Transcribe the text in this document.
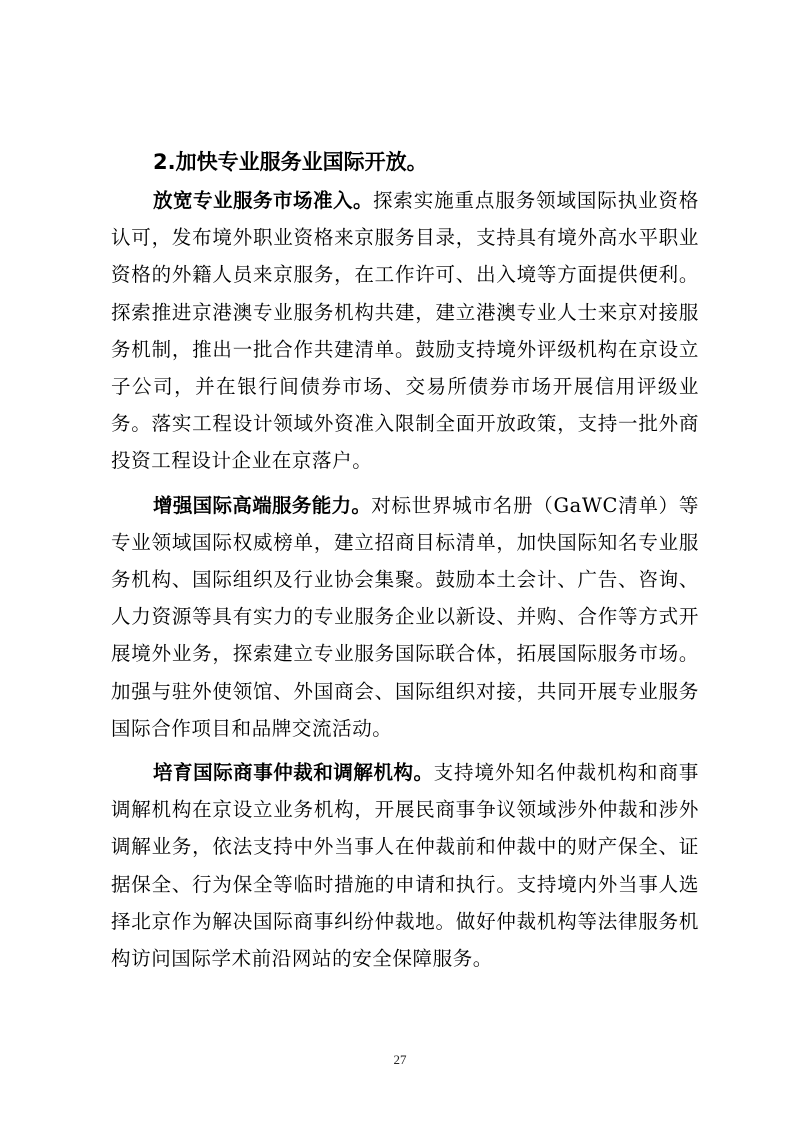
2.加快专业服务业国际开放。

放宽专业服务市场准入。探索实施重点服务领域国际执业资格认可，发布境外职业资格来京服务目录，支持具有境外高水平职业资格的外籍人员来京服务，在工作许可、出入境等方面提供便利。探索推进京港澳专业服务机构共建，建立港澳专业人士来京对接服务机制，推出一批合作共建清单。鼓励支持境外评级机构在京设立子公司，并在银行间债券市场、交易所债券市场开展信用评级业务。落实工程设计领域外资准入限制全面开放政策，支持一批外商投资工程设计企业在京落户。

增强国际高端服务能力。对标世界城市名册（GaWC清单）等专业领域国际权威榜单，建立招商目标清单，加快国际知名专业服务机构、国际组织及行业协会集聚。鼓励本土会计、广告、咨询、人力资源等具有实力的专业服务企业以新设、并购、合作等方式开展境外业务，探索建立专业服务国际联合体，拓展国际服务市场。加强与驻外使领馆、外国商会、国际组织对接，共同开展专业服务国际合作项目和品牌交流活动。

培育国际商事仲裁和调解机构。支持境外知名仲裁机构和商事调解机构在京设立业务机构，开展民商事争议领域涉外仲裁和涉外调解业务，依法支持中外当事人在仲裁前和仲裁中的财产保全、证据保全、行为保全等临时措施的申请和执行。支持境内外当事人选择北京作为解决国际商事纠纷仲裁地。做好仲裁机构等法律服务机构访问国际学术前沿网站的安全保障服务。

27
